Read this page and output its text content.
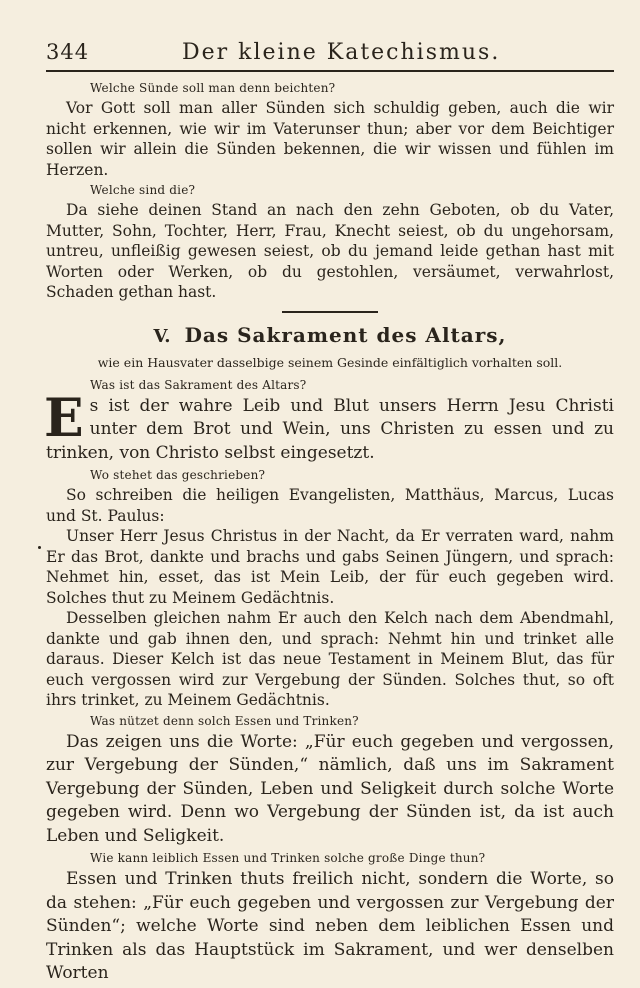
344	Der kleine Katechismus.

Welche Sünde soll man denn beichten?

Vor Gott soll man aller Sünden sich schuldig geben, auch die wir nicht erkennen, wie wir im Vaterunser thun; aber vor dem Beichtiger sollen wir allein die Sünden bekennen, die wir wissen und fühlen im Herzen.

Welche sind die?

Da siehe deinen Stand an nach den zehn Geboten, ob du Vater, Mutter, Sohn, Tochter, Herr, Frau, Knecht seiest, ob du ungehorsam, untreu, unfleißig gewesen seiest, ob du jemand leide gethan hast mit Worten oder Werken, ob du gestohlen, versäumet, verwahrlost, Schaden gethan hast.

V. Das Sakrament des Altars,

wie ein Hausvater dasselbige seinem Gesinde einfältiglich vorhalten soll.

Was ist das Sakrament des Altars?

Es ist der wahre Leib und Blut unsers Herrn Jesu Christi unter dem Brot und Wein, uns Christen zu essen und zu trinken, von Christo selbst eingesetzt.

Wo stehet das geschrieben?

So schreiben die heiligen Evangelisten, Matthäus, Marcus, Lucas und St. Paulus:

Unser Herr Jesus Christus in der Nacht, da Er verraten ward, nahm Er das Brot, dankte und brachs und gabs Seinen Jüngern, und sprach: Nehmet hin, esset, das ist Mein Leib, der für euch gegeben wird. Solches thut zu Meinem Gedächtnis.

Desselben gleichen nahm Er auch den Kelch nach dem Abendmahl, dankte und gab ihnen den, und sprach: Nehmt hin und trinket alle daraus. Dieser Kelch ist das neue Testament in Meinem Blut, das für euch vergossen wird zur Vergebung der Sünden. Solches thut, so oft ihrs trinket, zu Meinem Gedächtnis.

Was nützet denn solch Essen und Trinken?

Das zeigen uns die Worte: „Für euch gegeben und vergossen, zur Vergebung der Sünden,“ nämlich, daß uns im Sakrament Vergebung der Sünden, Leben und Seligkeit durch solche Worte gegeben wird. Denn wo Vergebung der Sünden ist, da ist auch Leben und Seligkeit.

Wie kann leiblich Essen und Trinken solche große Dinge thun?

Essen und Trinken thuts freilich nicht, sondern die Worte, so da stehen: „Für euch gegeben und vergossen zur Vergebung der Sünden“; welche Worte sind neben dem leiblichen Essen und Trinken als das Hauptstück im Sakrament, und wer denselben Worten
